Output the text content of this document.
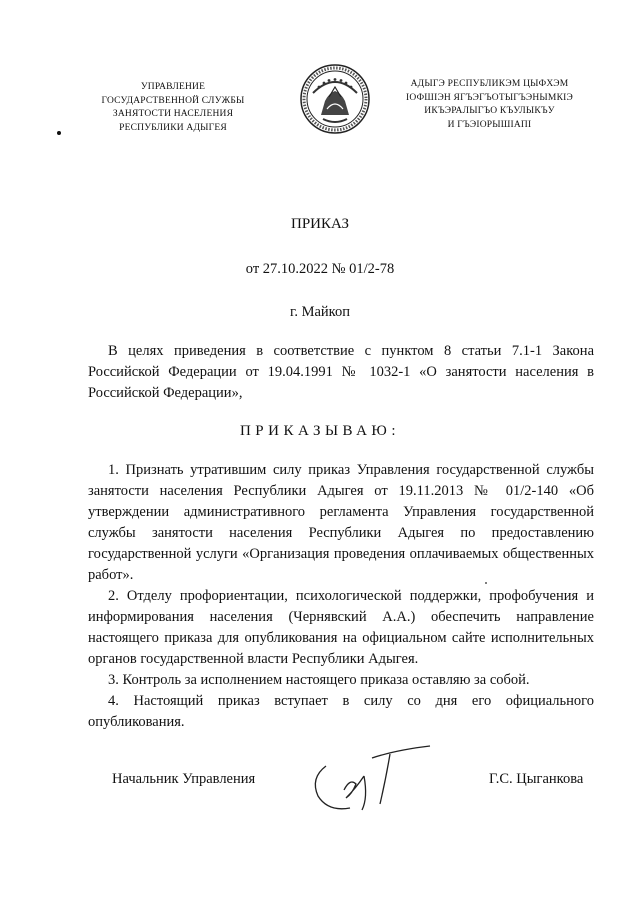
УПРАВЛЕНИЕ
ГОСУДАРСТВЕННОЙ СЛУЖБЫ
ЗАНЯТОСТИ НАСЕЛЕНИЯ
РЕСПУБЛИКИ АДЫГЕЯ
АДЫГЭ РЕСПУБЛИКЭМ ЦЫФХЭМ
ІОФШІЭН ЯГЪЭГЪОТЫГЪЭНЫМКІЭ
ИКЪЭРАЛЫГЪО КЪУЛЫКЪУ
И ГЪЭІОРЫШІАПІ
ПРИКАЗ
от 27.10.2022 № 01/2-78
г. Майкоп
В целях приведения в соответствие с пунктом 8 статьи 7.1-1 Закона Российской Федерации от 19.04.1991 № 1032-1 «О занятости населения в Российской Федерации»,
ПРИКАЗЫВАЮ:

1. Признать утратившим силу приказ Управления государственной службы занятости населения Республики Адыгея от 19.11.2013 № 01/2-140 «Об утверждении административного регламента Управления государственной службы занятости населения Республики Адыгея по предоставлению государственной услуги «Организация проведения оплачиваемых общественных работ».

2. Отделу профориентации, психологической поддержки, профобучения и информирования населения (Чернявский А.А.) обеспечить направление настоящего приказа для опубликования на официальном сайте исполнительных органов государственной власти Республики Адыгея.

3. Контроль за исполнением настоящего приказа оставляю за собой.

4. Настоящий приказ вступает в силу со дня его официального опубликования.

Начальник Управления	Г.С. Цыганкова
